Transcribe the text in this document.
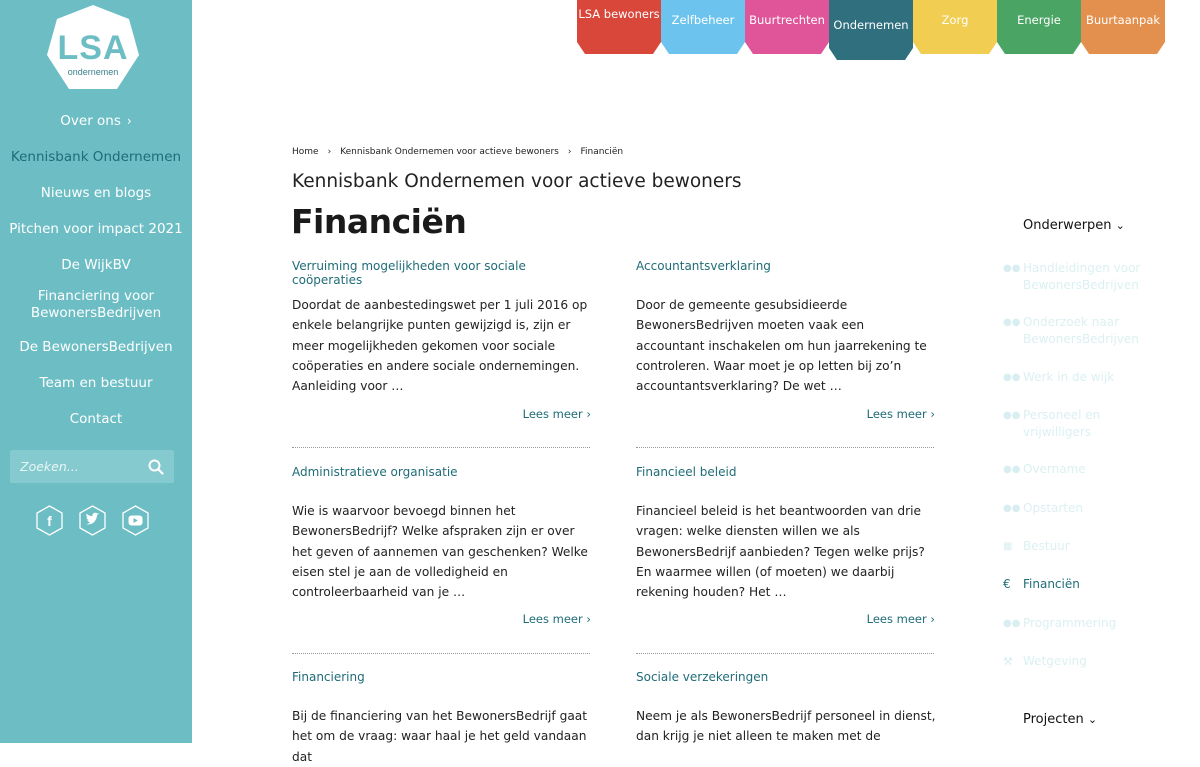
LSA
ondernemen
Over ons ›
Kennisbank Ondernemen
Nieuws en blogs
Pitchen voor impact 2021
De WijkBV
Financiering voor BewonersBedrijven
De BewonersBedrijven
Team en bestuur
Contact
Zoeken...
f
LSA bewoners	Zelfbeheer	Buurtrechten Ondernemen	Zorg	Energie	Buurtaanpak
Home › Kennisbank Ondernemen voor actieve bewoners › Financiën
Kennisbank Ondernemen voor actieve bewoners
Financiën
Verruiming mogelijkheden voor sociale coöperaties
Doordat de aanbestedingswet per 1 juli 2016 op enkele belangrijke punten gewijzigd is, zijn er meer mogelijkheden gekomen voor sociale coöperaties en andere sociale ondernemingen. Aanleiding voor …
Lees meer ›
Accountantsverklaring
Door de gemeente gesubsidieerde BewonersBedrijven moeten vaak een accountant inschakelen om hun jaarrekening te controleren. Waar moet je op letten bij zo’n accountantsverklaring? De wet …
Lees meer ›
Administratieve organisatie
Wie is waarvoor bevoegd binnen het BewonersBedrijf? Welke afspraken zijn er over het geven of aannemen van geschenken? Welke eisen stel je aan de volledigheid en controleerbaarheid van je …
Lees meer ›
Financieel beleid
Financieel beleid is het beantwoorden van drie vragen: welke diensten willen we als BewonersBedrijf aanbieden? Tegen welke prijs? En waarmee willen (of moeten) we daarbij rekening houden? Het …
Lees meer ›
Financiering
Bij de financiering van het BewonersBedrijf gaat het om de vraag: waar haal je het geld vandaan dat
Sociale verzekeringen
Neem je als BewonersBedrijf personeel in dienst, dan krijg je niet alleen te maken met de
Onderwerpen ⌄
●● Handleidingen voor BewonersBedrijven
●● Onderzoek naar BewonersBedrijven
●● Werk in de wijk
●● Personeel en vrijwilligers
●● Overname
●● Opstarten
▦ Bestuur
€	Financiën
●● Programmering
⚒ Wetgeving
Projecten ⌄
